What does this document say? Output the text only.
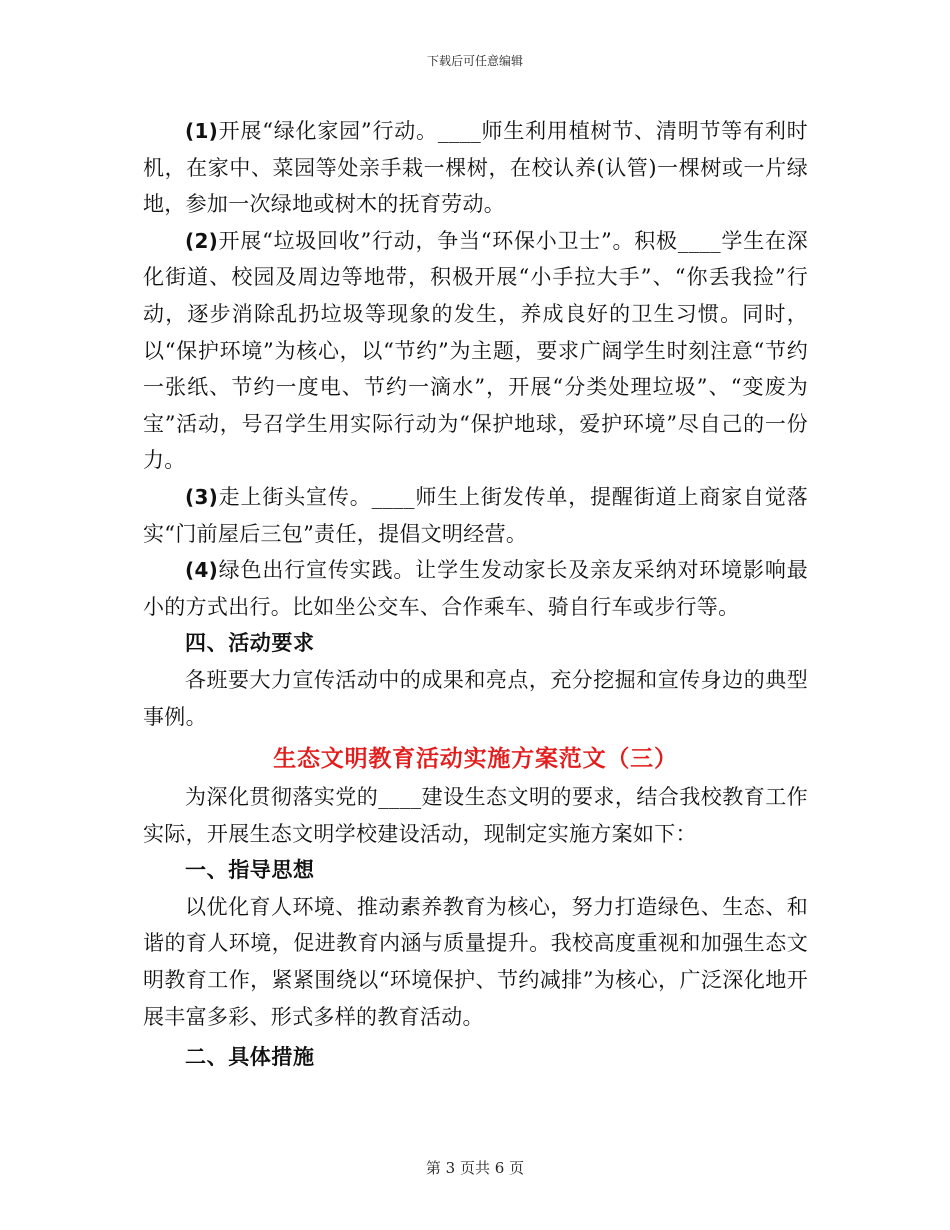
下载后可任意编辑

(1)开展“绿化家园”行动。____师生利用植树节、清明节等有利时机，在家中、菜园等处亲手栽一棵树，在校认养(认管)一棵树或一片绿地，参加一次绿地或树木的抚育劳动。

(2)开展“垃圾回收”行动，争当“环保小卫士”。积极____学生在深化街道、校园及周边等地带，积极开展“小手拉大手”、“你丢我捡”行动，逐步消除乱扔垃圾等现象的发生，养成良好的卫生习惯。同时，以“保护环境”为核心，以“节约”为主题，要求广阔学生时刻注意“节约一张纸、节约一度电、节约一滴水”，开展“分类处理垃圾”、“变废为宝”活动，号召学生用实际行动为“保护地球，爱护环境”尽自己的一份力。

(3)走上街头宣传。____师生上街发传单，提醒街道上商家自觉落实“门前屋后三包”责任，提倡文明经营。

(4)绿色出行宣传实践。让学生发动家长及亲友采纳对环境影响最小的方式出行。比如坐公交车、合作乘车、骑自行车或步行等。

四、活动要求

各班要大力宣传活动中的成果和亮点，充分挖掘和宣传身边的典型事例。

生态文明教育活动实施方案范文（三）

为深化贯彻落实党的____建设生态文明的要求，结合我校教育工作实际，开展生态文明学校建设活动，现制定实施方案如下：

一、指导思想

以优化育人环境、推动素养教育为核心，努力打造绿色、生态、和谐的育人环境，促进教育内涵与质量提升。我校高度重视和加强生态文明教育工作，紧紧围绕以“环境保护、节约减排”为核心，广泛深化地开展丰富多彩、形式多样的教育活动。

二、具体措施

第 3 页共 6 页
